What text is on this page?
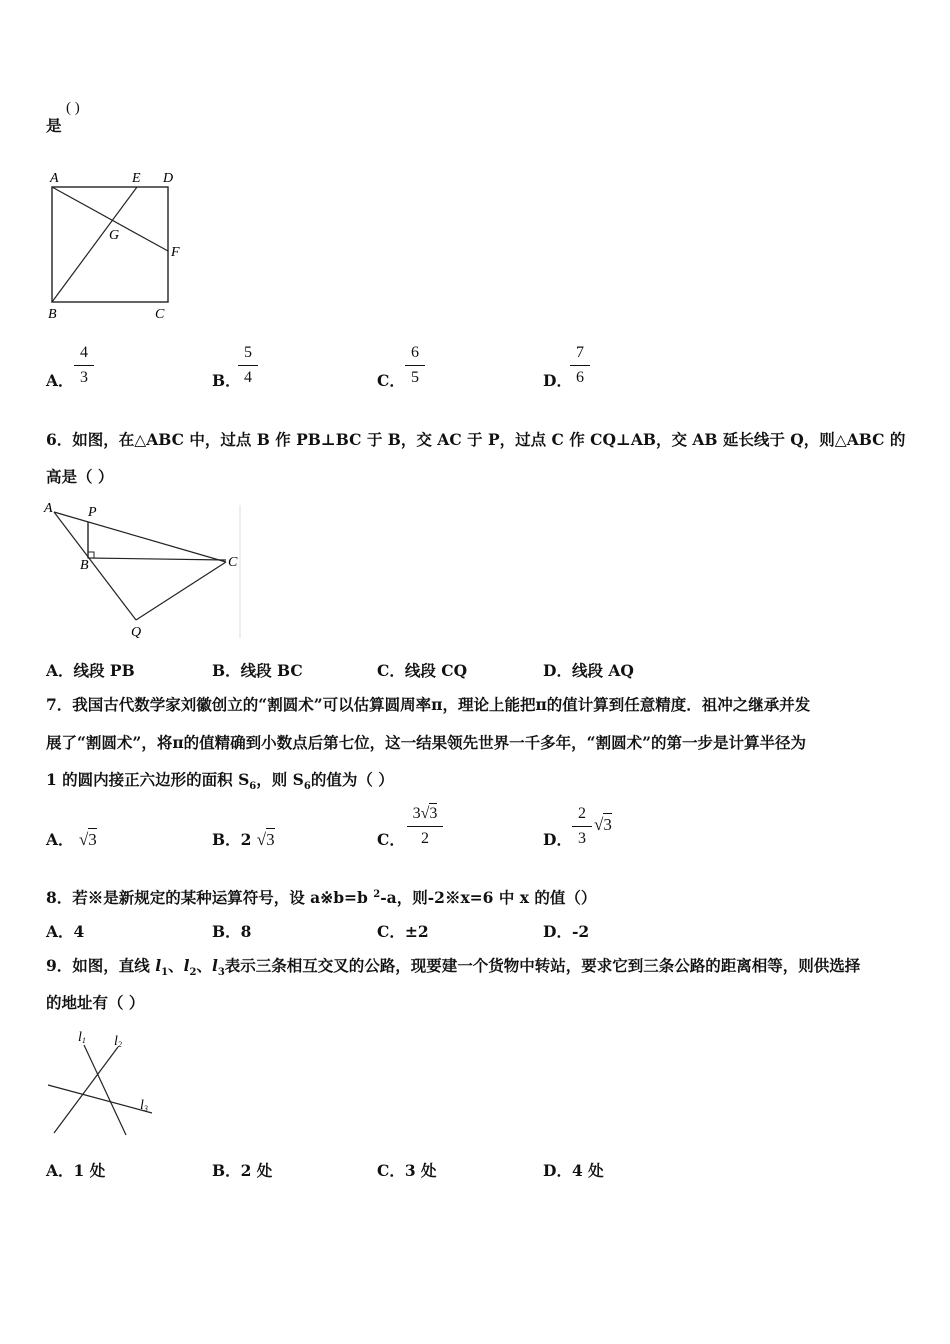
是
( )
A	E D
G
F
B	C
A．
4
3	B．
5
4	C．
6
5	D．
7
6
6．如图，在△ABC 中，过点 B 作 PB⊥BC 于 B，交 AC 于 P，过点 C 作 CQ⊥AB，交 AB 延长线于 Q，则△ABC 的
高是（ ）
A	P
B	C
Q
A．线段 PB	B．线段 BC	C．线段 CQ	D．线段 AQ
7．我国古代数学家刘徽创立的“割圆术”可以估算圆周率π，理论上能把π的值计算到任意精度．祖冲之继承并发
展了“割圆术”，将π的值精确到小数点后第七位，这一结果领先世界一千多年，“割圆术”的第一步是计算半径为
1 的圆内接正六边形的面积 $S_6$，则 $S_6$的值为（ ）
A． √3	B．2 √3	C．
3√3
2	D．
2
3
√3
8．若※是新规定的某种运算符号，设 a※b=b $^2$-a，则-2※x=6 中 x 的值（）
A．4	B．8	C．±2	D．-2
9．如图，直线 $l_1$、$l_2$、$l_3$表示三条相互交叉的公路，现要建一个货物中转站，要求它到三条公路的距离相等，则供选择
的地址有（ ）
l1 l2
l3
A．1 处	B．2 处	C．3 处	D．4 处
